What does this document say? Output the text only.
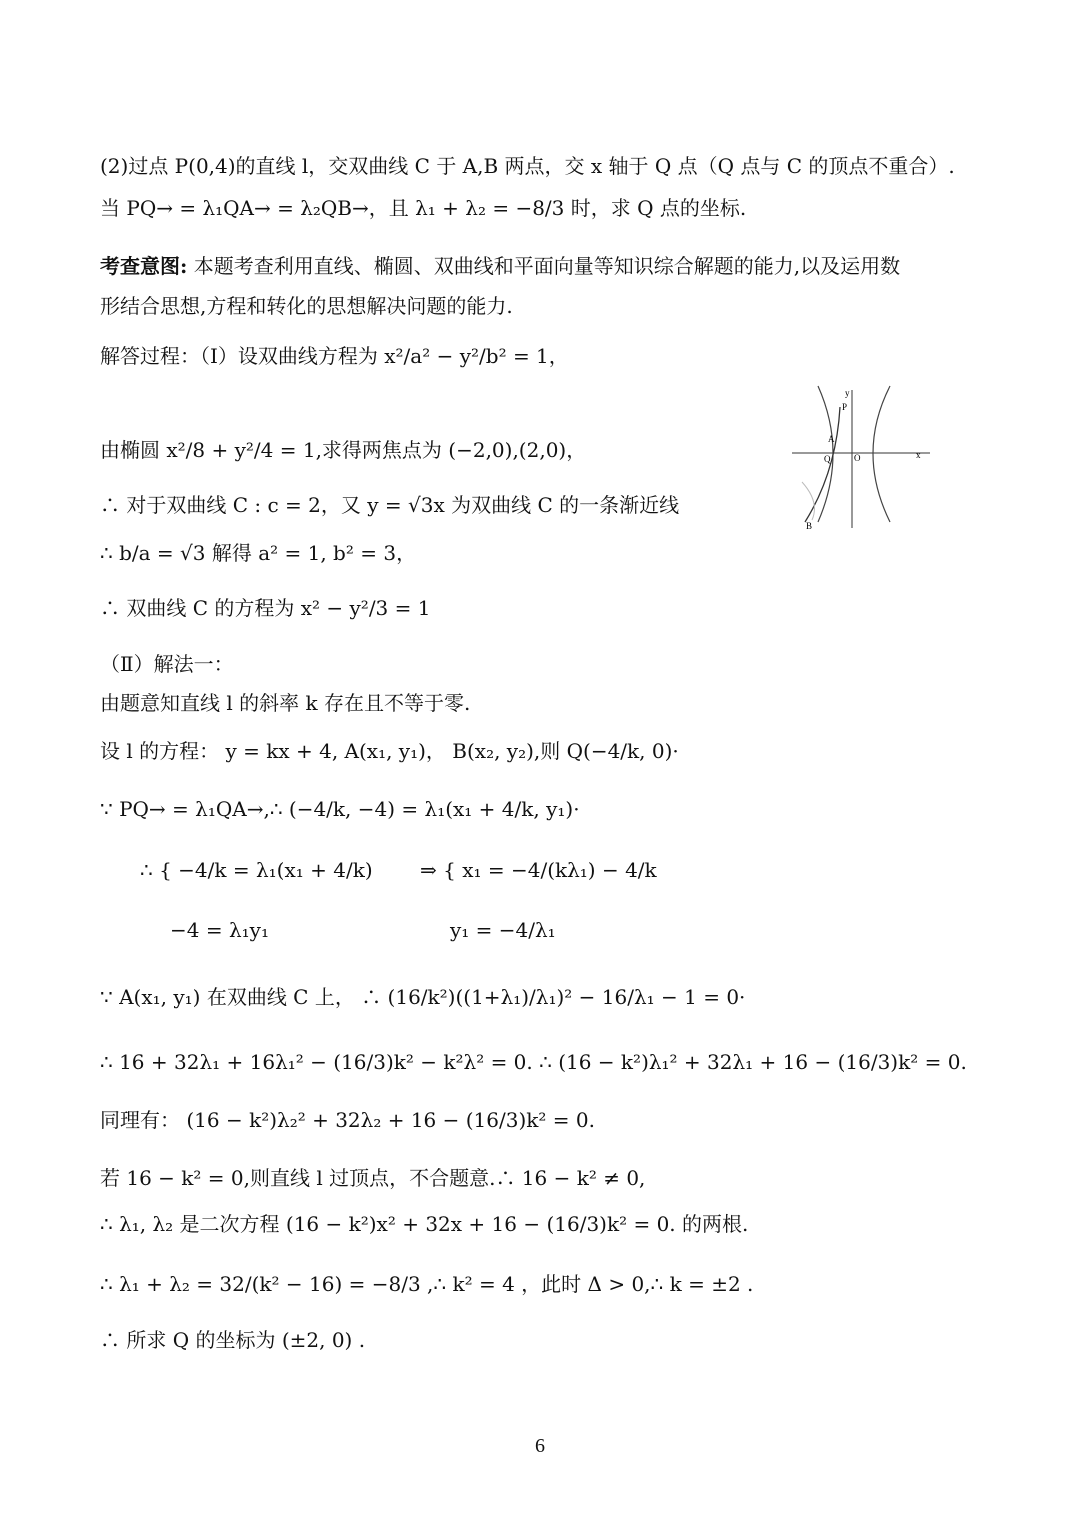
(2)过点 P(0,4)的直线 l，交双曲线 C 于 A,B 两点，交 x 轴于 Q 点（Q 点与 C 的顶点不重合）.
当 PQ→ = λ₁QA→ = λ₂QB→，且 λ₁ + λ₂ = −8/3 时，求 Q 点的坐标.
考查意图: 本题考查利用直线、椭圆、双曲线和平面向量等知识综合解题的能力,以及运用数
形结合思想,方程和转化的思想解决问题的能力.
解答过程：（Ⅰ）设双曲线方程为 x²/a² − y²/b² = 1，
由椭圆 x²/8 + y²/4 = 1,求得两焦点为 (−2,0),(2,0)，
∴ 对于双曲线 C : c = 2，又 y = √3x 为双曲线 C 的一条渐近线
∴ b/a = √3 解得 a² = 1, b² = 3，
∴ 双曲线 C 的方程为 x² − y²/3 = 1
（Ⅱ）解法一：
由题意知直线 l 的斜率 k 存在且不等于零.
设 l 的方程： y = kx + 4, A(x₁, y₁)， B(x₂, y₂),则 Q(−4/k, 0)·
∵ PQ→ = λ₁QA→,∴ (−4/k, −4) = λ₁(x₁ + 4/k, y₁)·
∴ { −4/k = λ₁(x₁ + 4/k)
−4 = λ₁y₁
⇒ { x₁ = −4/(kλ₁) − 4/k
y₁ = −4/λ₁
∵ A(x₁, y₁) 在双曲线 C 上， ∴ (16/k²)((1+λ₁)/λ₁)² − 16/λ₁ − 1 = 0·
∴ 16 + 32λ₁ + 16λ₁² − (16/3)k² − k²λ² = 0. ∴ (16 − k²)λ₁² + 32λ₁ + 16 − (16/3)k² = 0.
同理有： (16 − k²)λ₂² + 32λ₂ + 16 − (16/3)k² = 0.
若 16 − k² = 0,则直线 l 过顶点，不合题意.∴ 16 − k² ≠ 0,
∴ λ₁, λ₂ 是二次方程 (16 − k²)x² + 32x + 16 − (16/3)k² = 0. 的两根.
∴ λ₁ + λ₂ = 32/(k² − 16) = −8/3 ,∴ k² = 4 ，此时 Δ > 0,∴ k = ±2 .
∴ 所求 Q 的坐标为 (±2, 0) .
y
P
A
Q	O	x
B
6
